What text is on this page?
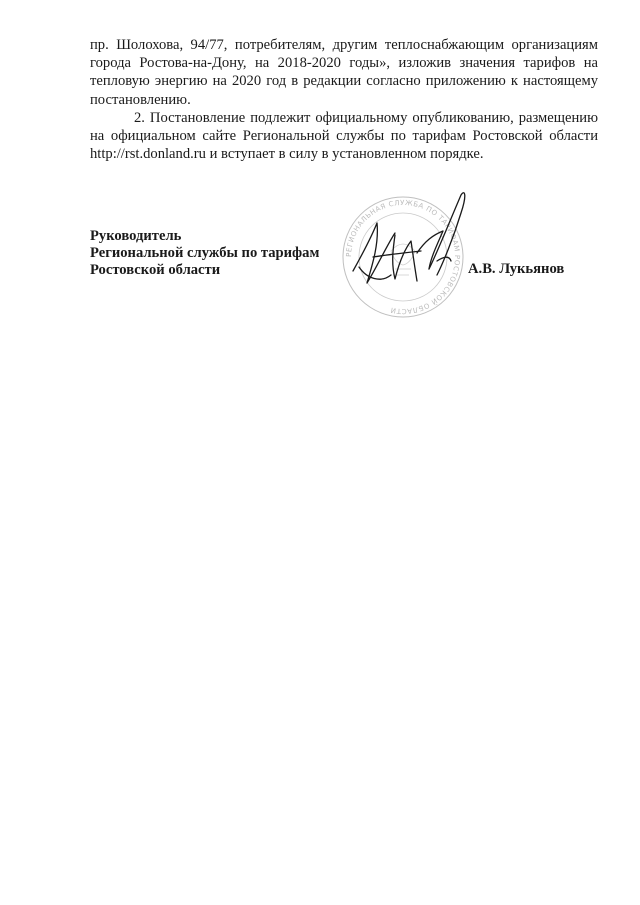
пр. Шолохова, 94/77, потребителям, другим теплоснабжающим организациям города Ростова-на-Дону, на 2018-2020 годы», изложив значения тарифов на тепловую энергию на 2020 год в редакции согласно приложению к настоящему постановлению.

2. Постановление подлежит официальному опубликованию, размещению на официальном сайте Региональной службы по тарифам Ростовской области http://rst.donland.ru и вступает в силу в установленном порядке.

Руководитель
Региональной службы по тарифам
Ростовской области
РЕГИОНАЛЬНАЯ СЛУЖБА ПО ТАРИФАМ РОСТОВСКОЙ ОБЛАСТИ
А.В. Лукьянов
